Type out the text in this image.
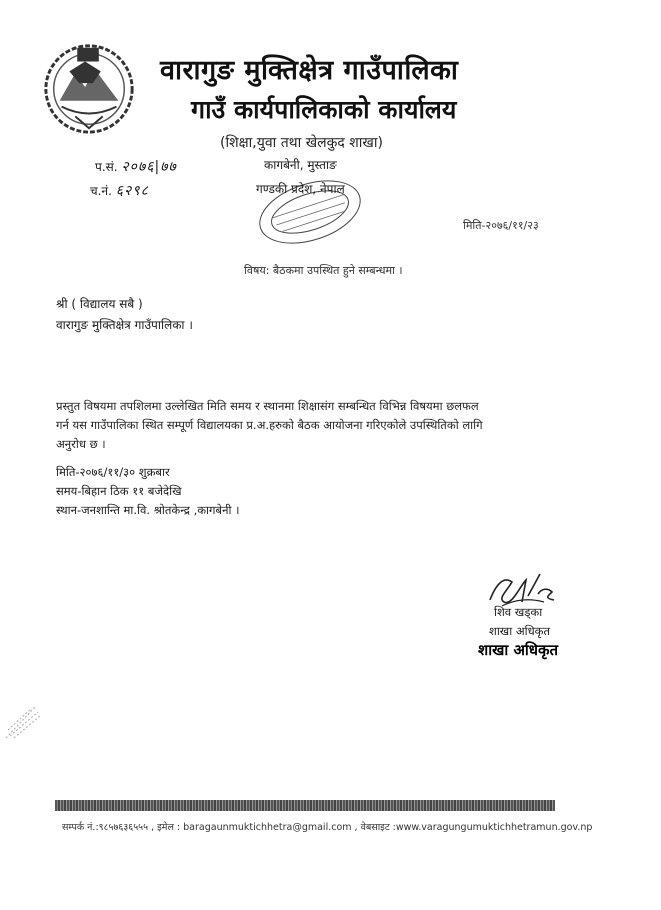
वारागुङ मुक्तिक्षेत्र गाउँपालिका
गाउँ कार्यपालिकाको कार्यालय
(शिक्षा,युवा तथा खेलकुद शाखा)
प.सं. २०७६|७७
च.नं. ६२९८
कागबेनी, मुस्ताङ
गण्डकी प्रदेश, नेपाल
मिति-२०७६/११/२३
विषय: बैठकमा उपस्थित हुने सम्बन्धमा ।
श्री ( विद्यालय सबै )
वारागुङ मुक्तिक्षेत्र गाउँपालिका ।
प्रस्तुत विषयमा तपशिलमा उल्लेखित मिति समय र स्थानमा शिक्षासंग सम्बन्धित विभिन्न विषयमा छलफल
गर्न यस गाउँपालिका स्थित सम्पूर्ण विद्यालयका प्र.अ.हरुको बैठक आयोजना गरिएकोले उपस्थितिको लागि
अनुरोध छ ।
मिति-२०७६/११/३० शुक्रबार
समय-बिहान ठिक ११ बजेदेखि
स्थान-जनशान्ति मा.वि. श्रोतकेन्द्र ,कागबेनी ।
शिव खड्का
शाखा अधिकृत
शाखा अधिकृत
सम्पर्क नं.:९८५७६३६५५५ , इमेल : baragaunmuktichhetra@gmail.com , वेबसाइट :www.varagungumuktichhetramun.gov.np
